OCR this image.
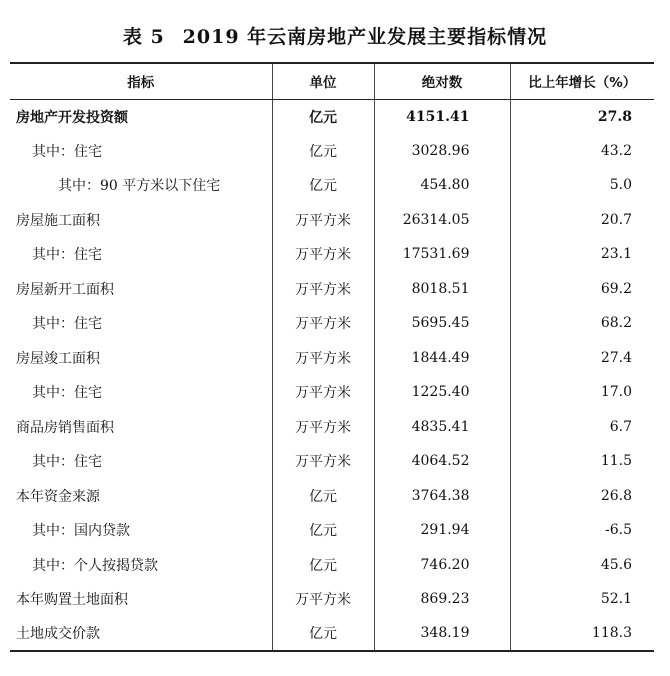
表 5 2019 年云南房地产业发展主要指标情况
指标	单位	绝对数	比上年增长（%）
房地产开发投资额	亿元	4151.41	27.8
其中：住宅	亿元	3028.96	43.2
其中：90 平方米以下住宅	亿元	454.80	5.0
房屋施工面积	万平方米	26314.05	20.7
其中：住宅	万平方米	17531.69	23.1
房屋新开工面积	万平方米	8018.51	69.2
其中：住宅	万平方米	5695.45	68.2
房屋竣工面积	万平方米	1844.49	27.4
其中：住宅	万平方米	1225.40	17.0
商品房销售面积	万平方米	4835.41	6.7
其中：住宅	万平方米	4064.52	11.5
本年资金来源	亿元	3764.38	26.8
其中：国内贷款	亿元	291.94	-6.5
其中：个人按揭贷款	亿元	746.20	45.6
本年购置土地面积	万平方米	869.23	52.1
土地成交价款	亿元	348.19	118.3
